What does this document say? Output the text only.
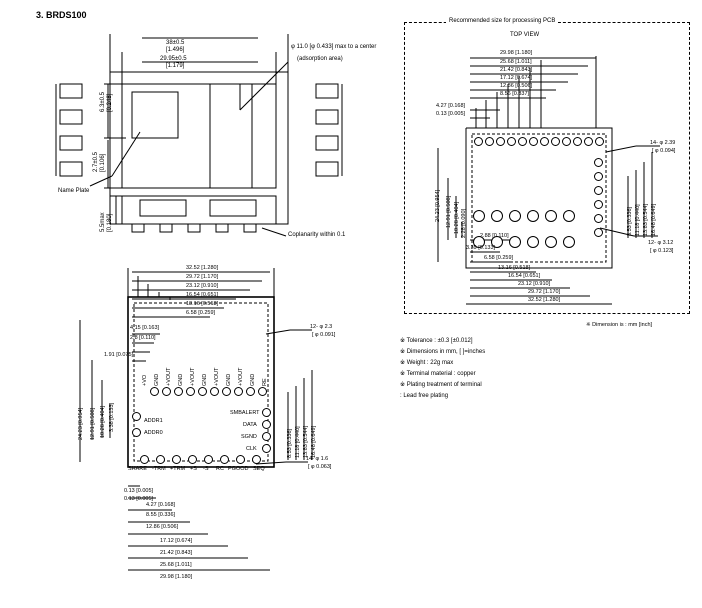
3. BRDS100
38±0.5
[1.496]
29.95±0.5
[1.179]
6.3±0.5 [0.248]
2.7±0.5 [0.106]
5.5max [0.180]
Name Plate
φ 11.0 [φ 0.433] max to a center
(adsorption area)
Coplanarity within 0.1
Recommended size for processing PCB
TOP VIEW
29.98 [1.180]
25.68 [1.011]
21.42 [0.843]
17.12 [0.674]
12.86 [0.506]
8.56 [0.337]
4.27 [0.168]
0.13 [0.005]
2.88 [0.110]
3.39 [0.133]
6.58 [0.259]
13.16 [0.518]
16.54 [0.651]
23.12 [0.910]
29.72 [1.170]
32.52 [1.280]
24.23 [0.954] 12.91 [0.508] 10.28 [0.404] 2.28 [0.090]	8.53 [0.336] 11.18 [0.440] 13.83 [0.544] 16.48 [0.649]
14- φ 2.39
[ φ 0.094]
12- φ 3.12
[ φ 0.123]
※ Dimension is : mm [inch]
※ Tolerance : ±0.3 [±0.012]
※ Dimensions in mm, [ ]=inches
※ Weight : 22g max
※ Terminal material : copper
※ Plating treatment of terminal
: Lead free plating
32.52 [1.280]
29.72 [1.170]
23.12 [0.910]
16.54 [0.651]
13.16 [0.518]
6.58 [0.259]
4.15 [0.163]
2.8 [0.110]
1.91 [0.075]
24.23 [0.954] 12.91 [0.508] 10.28 [0.404] 3.38 [0.133]
8.53 [0.336] 11.18 [0.440] 13.83 [0.544] 16.48 [0.649]
0.13 [0.005]
0.13 [0.005]
4.27 [0.168]
8.55 [0.336]
12.86 [0.506]
17.12 [0.674]
21.42 [0.843]
25.68 [1.011]
29.98 [1.180]
12- φ 2.3
[ φ 0.091]
14- φ 1.6
[ φ 0.063]
+VO GND +VOUT GND +VOUT GND +VOUT GND +VOUT GND RE
SHARE -TRM +TRM +S -S RC PGOOD SEQ
ADDR1
ADDR0
SMBALERT
DATA
SGND
CLK
